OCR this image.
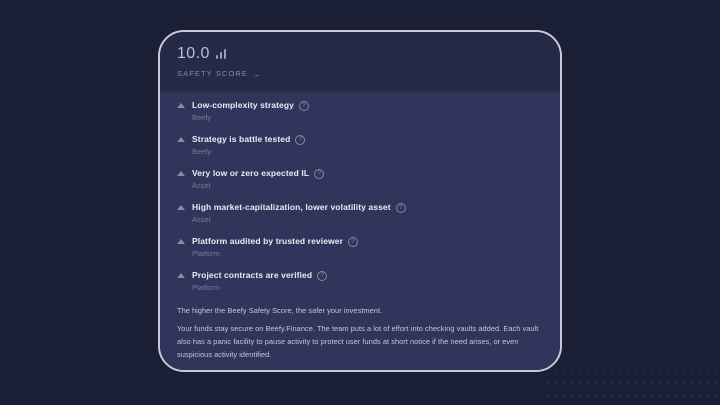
10.0
SAFETY SCORE →
Low-complexity strategy	?
Beefy
Strategy is battle tested	?
Beefy
Very low or zero expected IL	?
Asset
High market-capitalization, lower volatility asset	?
Asset
Platform audited by trusted reviewer	?
Platform
Project contracts are verified	?
Platform

The higher the Beefy Safety Score, the safer your investment.

Your funds stay secure on Beefy.Finance. The team puts a lot of effort into checking vaults added. Each vault also has a panic facility to pause activity to protect user funds at short notice if the need arises, or even suspicious activity identified.
